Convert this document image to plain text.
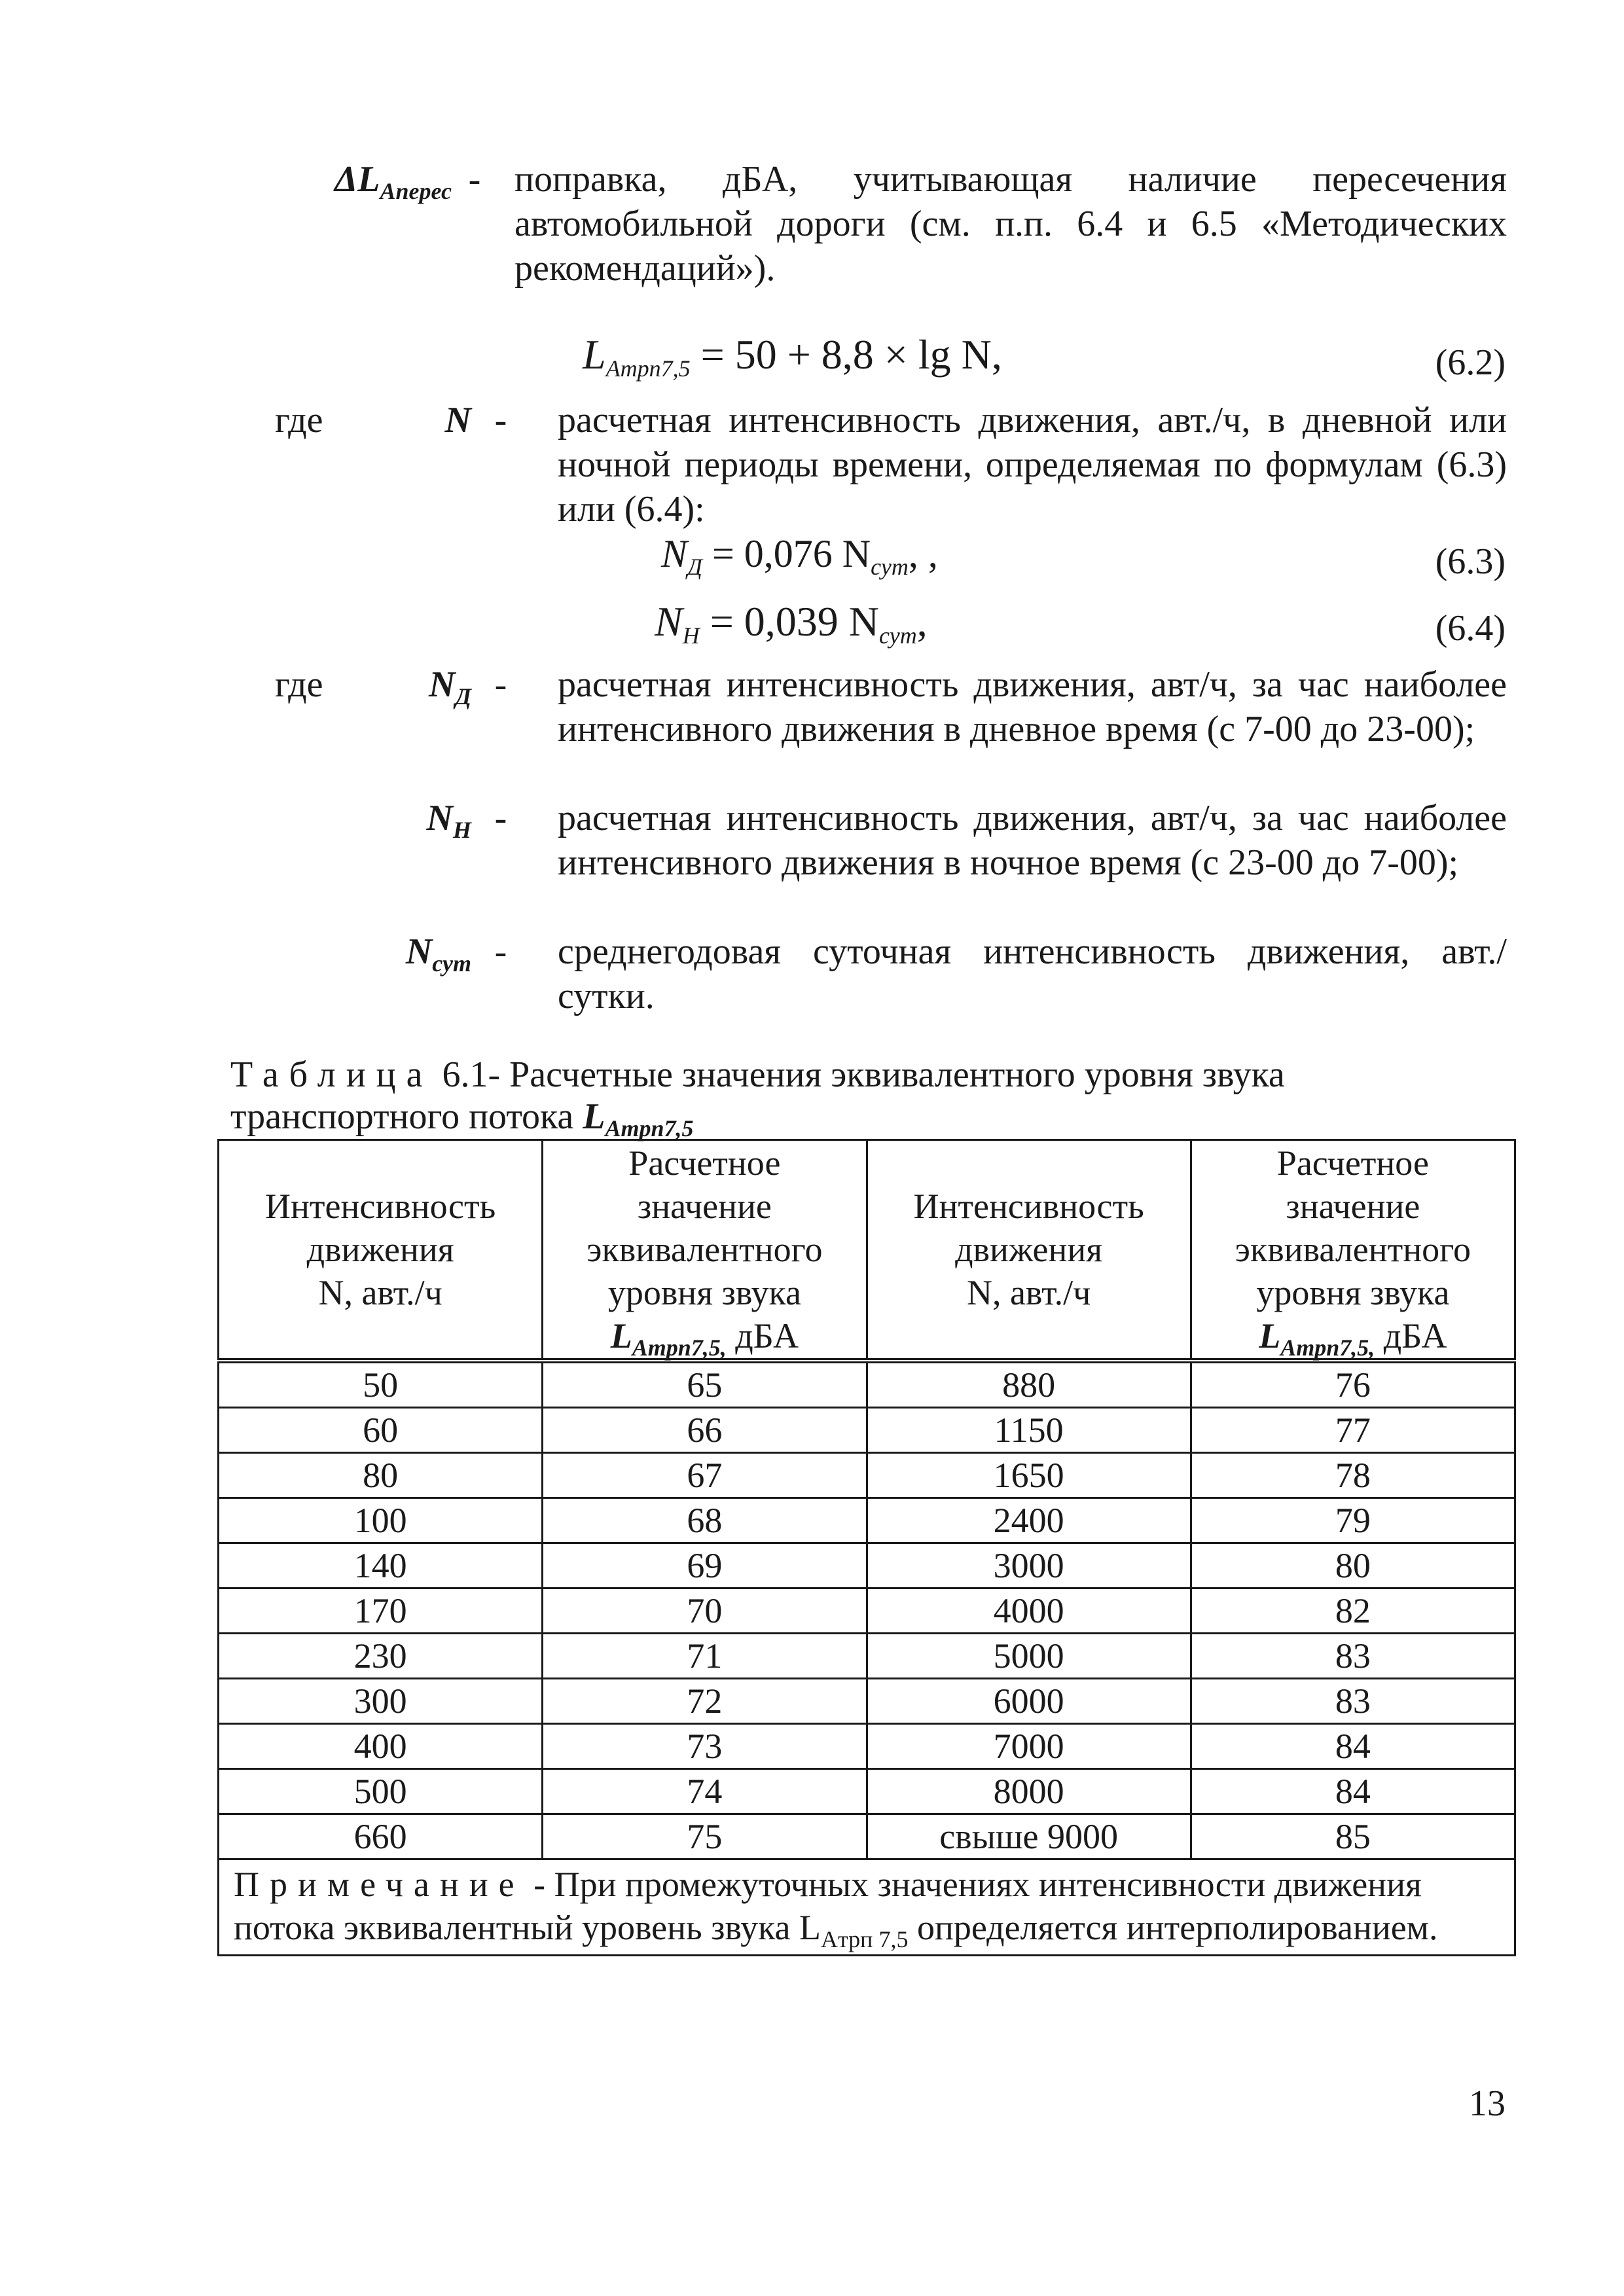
$\Delta L_{Aперес}$ - поправка, дБА, учитывающая наличие пересечения автомобильной дороги (см. п.п. 6.4 и 6.5 «Методических рекомендаций»).
$L_{Aтрп7,5} = 50 + 8,8 \times \lg N$,	(6.2)
где	N - расчетная интенсивность движения, авт./ч, в дневной или ночной периоды времени, определяемая по формулам (6.3) или (6.4):
$N_Д = 0,076$ $N_{сут}$, ,	(6.3)
$N_Н = 0,039$ $N_{сут}$,	(6.4)
где	$N_Д$ - расчетная интенсивность движения, авт/ч, за час наиболее интенсивного движения в дневное время (с 7-00 до 23-00);
$N_Н$ - расчетная интенсивность движения, авт/ч, за час наиболее интенсивного движения в ночное время (с 23-00 до 7-00);
$N_{сут}$ - среднегодовая суточная интенсивность движения, авт./сутки.
Таблица 6.1- Расчетные значения эквивалентного уровня звука транспортного потока $L_{Aтрп7,5}$
Интенсивность
движения
N, авт./ч	Расчетное
значение
эквивалентного
уровня звука
$L_{Aтрп7,5,}$ дБА	Интенсивность
движения
N, авт./ч	Расчетное
значение
эквивалентного
уровня звука
$L_{Aтрп7,5,}$ дБА
50	65	880	76
60	66	1150	77
80	67	1650	78
100	68	2400	79
140	69	3000	80
170	70	4000	82
230	71	5000	83
300	72	6000	83
400	73	7000	84
500	74	8000	84
660	75	свыше 9000	85
Примечание - При промежуточных значениях интенсивности движения потока эквивалентный уровень звука $L_{Aтрп 7,5}$ определяется интерполированием.			
13
